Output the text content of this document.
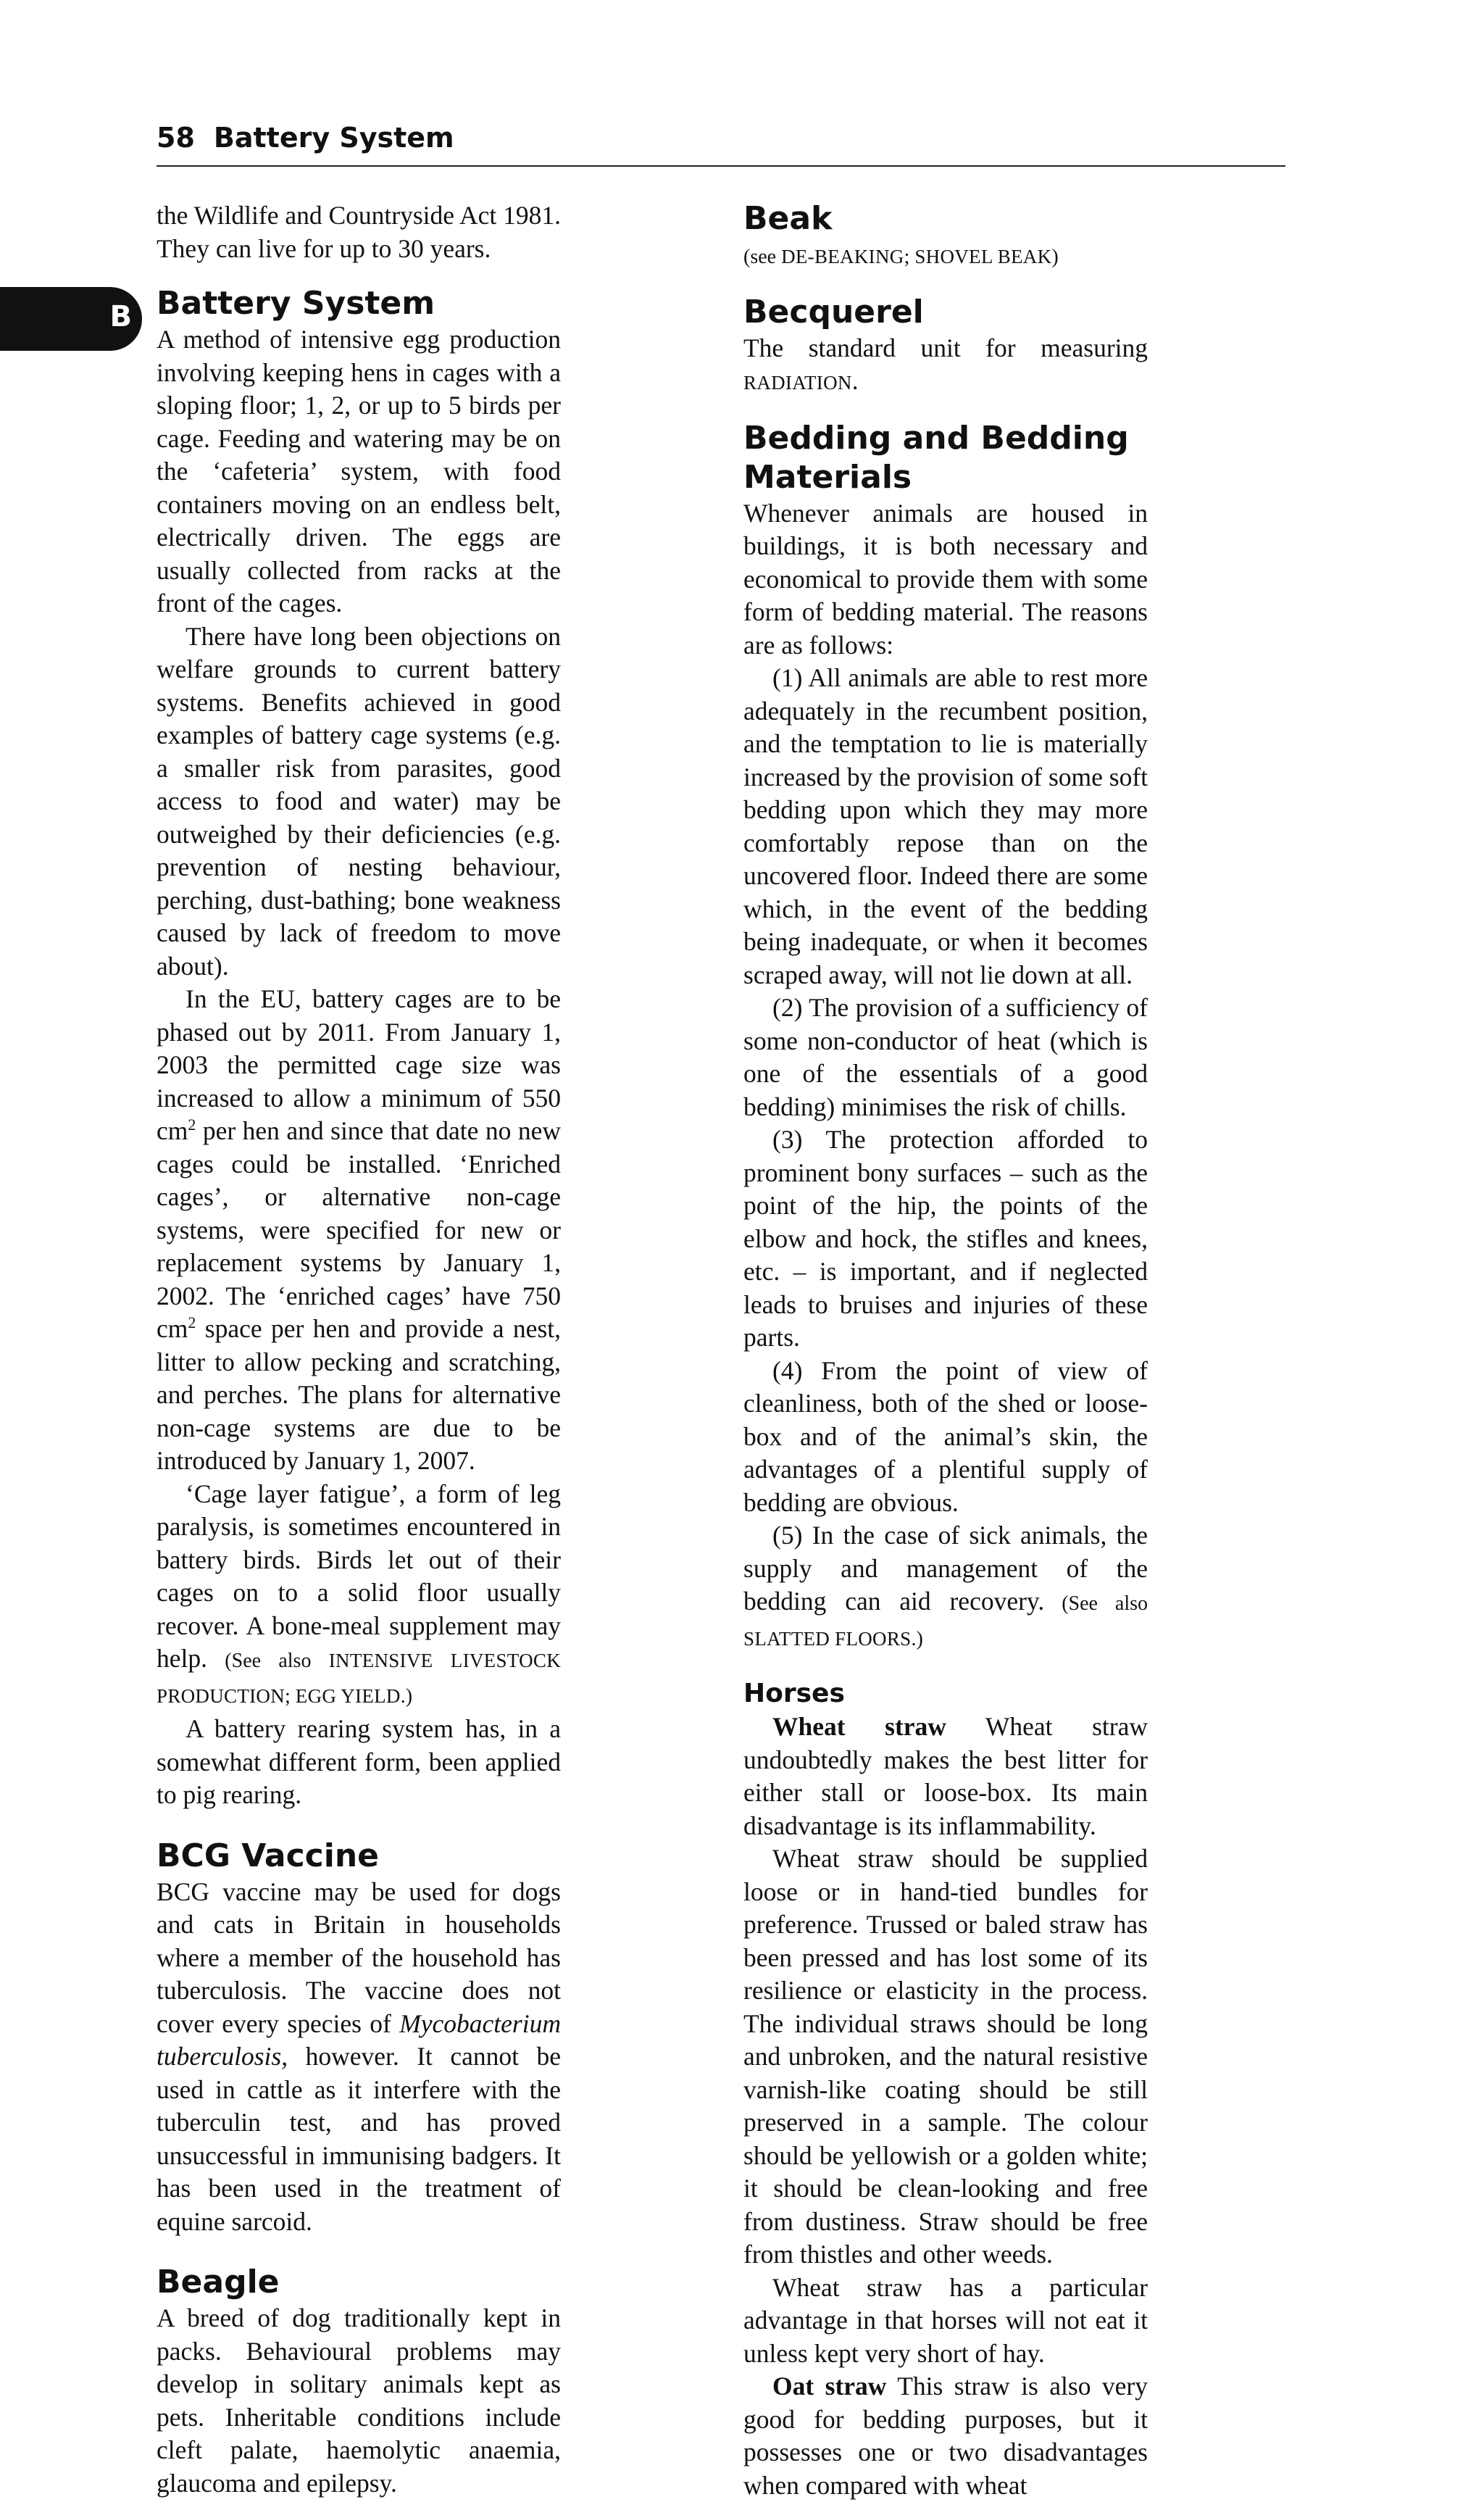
58 Battery System
B

the Wildlife and Countryside Act 1981. They can live for up to 30 years.

Battery System

A method of intensive egg production involving keeping hens in cages with a sloping floor; 1, 2, or up to 5 birds per cage. Feeding and watering may be on the ‘cafeteria’ system, with food containers moving on an endless belt, electrically driven. The eggs are usually collected from racks at the front of the cages.

There have long been objections on welfare grounds to current battery systems. Benefits achieved in good examples of battery cage systems (e.g. a smaller risk from parasites, good access to food and water) may be outweighed by their deficiencies (e.g. prevention of nesting behaviour, perching, dust-bathing; bone weakness caused by lack of freedom to move about).

In the EU, battery cages are to be phased out by 2011. From January 1, 2003 the permitted cage size was increased to allow a minimum of 550 $cm^2$ per hen and since that date no new cages could be installed. ‘Enriched cages’, or alternative non-cage systems, were specified for new or replacement systems by January 1, 2002. The ‘enriched cages’ have 750 $cm^2$ space per hen and provide a nest, litter to allow pecking and scratching, and perches. The plans for alternative non-cage systems are due to be introduced by January 1, 2007.

‘Cage layer fatigue’, a form of leg paralysis, is sometimes encountered in battery birds. Birds let out of their cages on to a solid floor usually recover. A bone-meal supplement may help. (See also INTENSIVE LIVESTOCK PRODUCTION; EGG YIELD.)

A battery rearing system has, in a somewhat different form, been applied to pig rearing.

BCG Vaccine

BCG vaccine may be used for dogs and cats in Britain in households where a member of the household has tuberculosis. The vaccine does not cover every species of Mycobacterium tuberculosis, however. It cannot be used in cattle as it interfere with the tuberculin test, and has proved unsuccessful in immunising badgers. It has been used in the treatment of equine sarcoid.

Beagle

A breed of dog traditionally kept in packs. Behavioural problems may develop in solitary animals kept as pets. Inheritable conditions include cleft palate, haemolytic anaemia, glaucoma and epilepsy.

Beak

(see DE-BEAKING; SHOVEL BEAK)

Becquerel

The standard unit for measuring RADIATION.

Bedding and Bedding Materials

Whenever animals are housed in buildings, it is both necessary and economical to provide them with some form of bedding material. The reasons are as follows:

(1) All animals are able to rest more adequately in the recumbent position, and the temptation to lie is materially increased by the provision of some soft bedding upon which they may more comfortably repose than on the uncovered floor. Indeed there are some which, in the event of the bedding being inadequate, or when it becomes scraped away, will not lie down at all.

(2) The provision of a sufficiency of some non-conductor of heat (which is one of the essentials of a good bedding) minimises the risk of chills.

(3) The protection afforded to prominent bony surfaces – such as the point of the hip, the points of the elbow and hock, the stifles and knees, etc. – is important, and if neglected leads to bruises and injuries of these parts.

(4) From the point of view of cleanliness, both of the shed or loose-box and of the animal’s skin, the advantages of a plentiful supply of bedding are obvious.

(5) In the case of sick animals, the supply and management of the bedding can aid recovery. (See also SLATTED FLOORS.)

Horses

Wheat straw Wheat straw undoubtedly makes the best litter for either stall or loose-box. Its main disadvantage is its inflammability.

Wheat straw should be supplied loose or in hand-tied bundles for preference. Trussed or baled straw has been pressed and has lost some of its resilience or elasticity in the process. The individual straws should be long and unbroken, and the natural resistive varnish-like coating should be still preserved in a sample. The colour should be yellowish or a golden white; it should be clean-looking and free from dustiness. Straw should be free from thistles and other weeds.

Wheat straw has a particular advantage in that horses will not eat it unless kept very short of hay.

Oat straw This straw is also very good for bedding purposes, but it possesses one or two disadvantages when compared with wheat
